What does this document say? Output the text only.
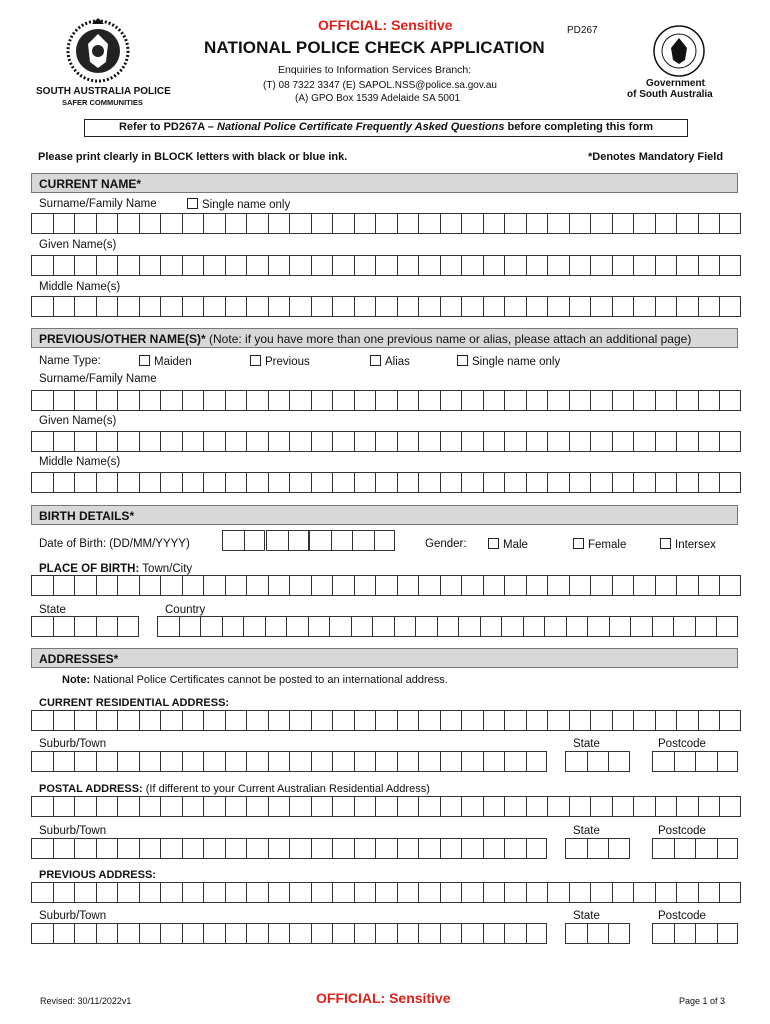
SOUTH AUSTRALIA POLICE
SAFER COMMUNITIES
OFFICIAL: Sensitive	PD267
NATIONAL POLICE CHECK APPLICATION
Enquiries to Information Services Branch:
(T) 08 7322 3347 (E) SAPOL.NSS@police.sa.gov.au
(A) GPO Box 1539 Adelaide SA 5001
Government
of South Australia
Refer to PD267A – National Police Certificate Frequently Asked Questions before completing this form
Please print clearly in BLOCK letters with black or blue ink.	*Denotes Mandatory Field
CURRENT NAME*
Surname/Family Name	Single name only
Given Name(s)
Middle Name(s)
PREVIOUS/OTHER NAME(S)* (Note: if you have more than one previous name or alias, please attach an additional page)
Name Type:	Maiden	Previous	Alias	Single name only
Surname/Family Name
Given Name(s)
Middle Name(s)
BIRTH DETAILS*
Date of Birth: (DD/MM/YYYY)	Gender:	Male	Female	Intersex
PLACE OF BIRTH: Town/City
State	Country
ADDRESSES*
Note: National Police Certificates cannot be posted to an international address.
CURRENT RESIDENTIAL ADDRESS:
Suburb/Town	State	Postcode
POSTAL ADDRESS: (If different to your Current Australian Residential Address)
Suburb/Town	State	Postcode
PREVIOUS ADDRESS:
Suburb/Town	State	Postcode
Revised: 30/11/2022v1	OFFICIAL: Sensitive	Page 1 of 3
